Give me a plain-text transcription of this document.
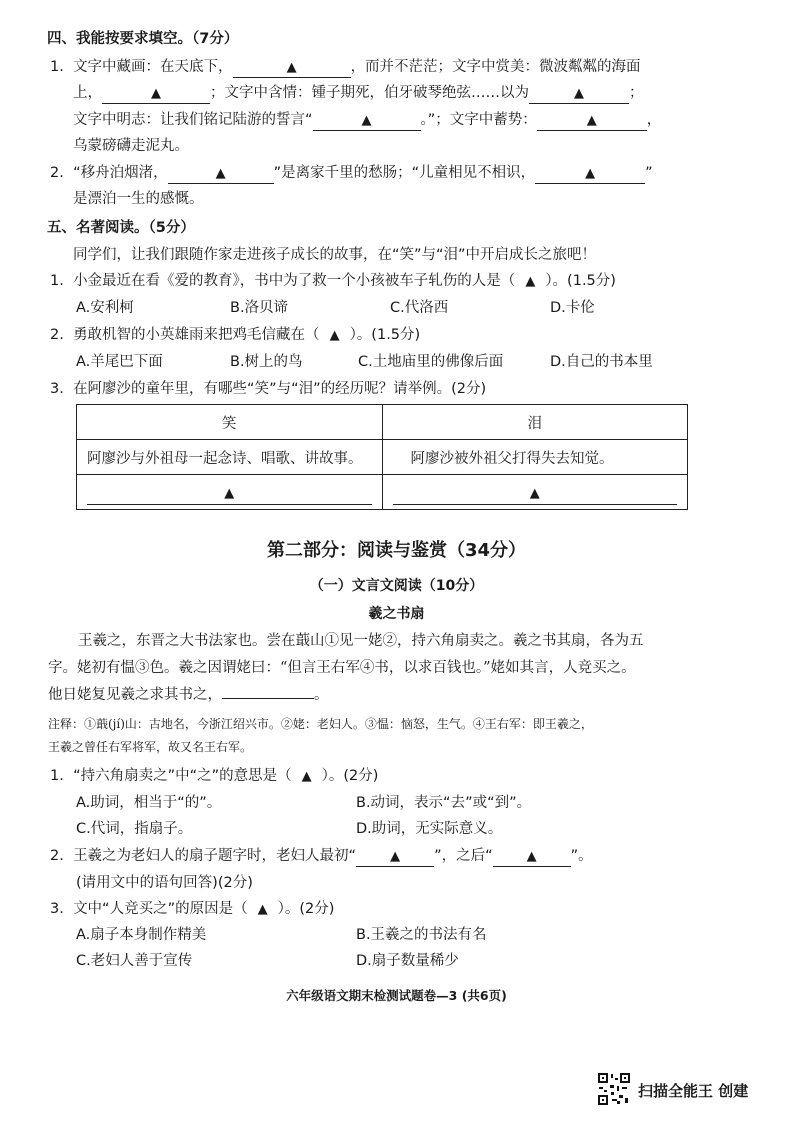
四、我能按要求填空。（7分）
1. 文字中藏画：在天底下，	▲	，而并不茫茫；文字中赏美：微波粼粼的海面
上，	▲	；文字中含情：锺子期死，伯牙破琴绝弦……以为	▲	；
文字中明志：让我们铭记陆游的誓言“	▲	。”；文字中蓄势：	▲	，
乌蒙磅礴走泥丸。
2. “移舟泊烟渚，	▲	”是离家千里的愁肠；“儿童相见不相识，	▲	”
是漂泊一生的感慨。
五、名著阅读。（5分）
同学们，让我们跟随作家走进孩子成长的故事，在“笑”与“泪”中开启成长之旅吧！
1. 小金最近在看《爱的教育》，书中为了救一个小孩被车子轧伤的人是（ ▲ ）。(1.5分)
A.安利柯	B.洛贝谛	C.代洛西	D.卡伦
2. 勇敢机智的小英雄雨来把鸡毛信藏在（ ▲ ）。(1.5分)
A.羊尾巴下面	B.树上的鸟	C.土地庙里的佛像后面	D.自己的书本里
3. 在阿廖沙的童年里，有哪些“笑”与“泪”的经历呢？请举例。(2分)
笑	泪
阿廖沙与外祖母一起念诗、唱歌、讲故事。	阿廖沙被外祖父打得失去知觉。

▲	▲
第二部分：阅读与鉴赏（34分）
（一）文言文阅读（10分）
羲之书扇
王羲之，东晋之大书法家也。尝在蕺山①见一姥②，持六角扇卖之。羲之书其扇，各为五
字。姥初有愠③色。羲之因谓姥曰：“但言王右军④书，以求百钱也。”姥如其言，人竞买之。
他日姥复见羲之求其书之，	。
注释：①蕺(jí)山：古地名，今浙江绍兴市。②姥：老妇人。③愠：恼怒，生气。④王右军：即王羲之，
王羲之曾任右军将军，故又名王右军。
1. “持六角扇卖之”中“之”的意思是（ ▲ ）。(2分)
A.助词，相当于“的”。	B.动词，表示“去”或“到”。
C.代词，指扇子。	D.助词，无实际意义。
2. 王羲之为老妇人的扇子题字时，老妇人最初“	▲ ”，之后“	▲ ”。
(请用文中的语句回答)(2分)
3. 文中“人竞买之”的原因是（ ▲ ）。(2分)
A.扇子本身制作精美	B.王羲之的书法有名
C.老妇人善于宣传	D.扇子数量稀少
六年级语文期末检测试题卷—3 (共6页)
扫描全能王 创建
